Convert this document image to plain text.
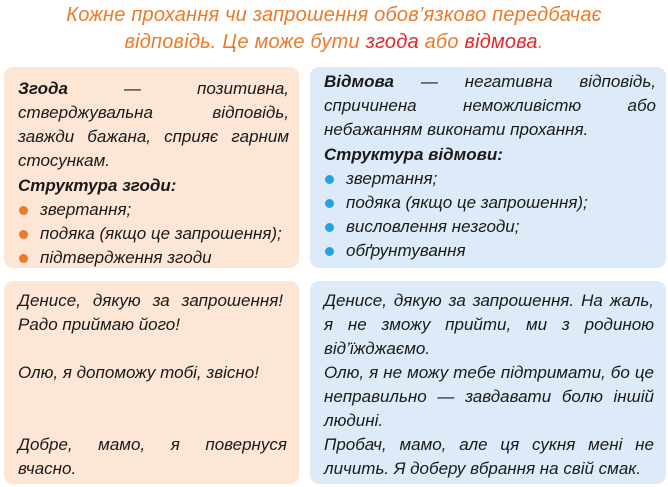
Кожне прохання чи запрошення обов’язково передбачає
відповідь. Це може бути згода або відмова.
Згода — позитивна, стверджувальна відповідь, завжди бажана, сприяє гарним стосункам.
Структура згоди:
звертання;
подяка (якщо це запрошення);
підтвердження згоди
Відмова — негативна відповідь, спричинена неможливістю або небажанням виконати прохання.
Структура відмови:
звертання;
подяка (якщо це запрошення);
висловлення незгоди;
обґрунтування
Денисе, дякую за запрошення! Радо приймаю його!
Олю, я допоможу тобі, звісно!
Добре, мамо, я повернуся вчасно.
Денисе, дякую за запрошення. На жаль, я не зможу прийти, ми з родиною від’їжджаємо.
Олю, я не можу тебе підтримати, бо це неправильно — завдавати болю іншій людині.
Пробач, мамо, але ця сукня мені не личить. Я доберу вбрання на свій смак.
